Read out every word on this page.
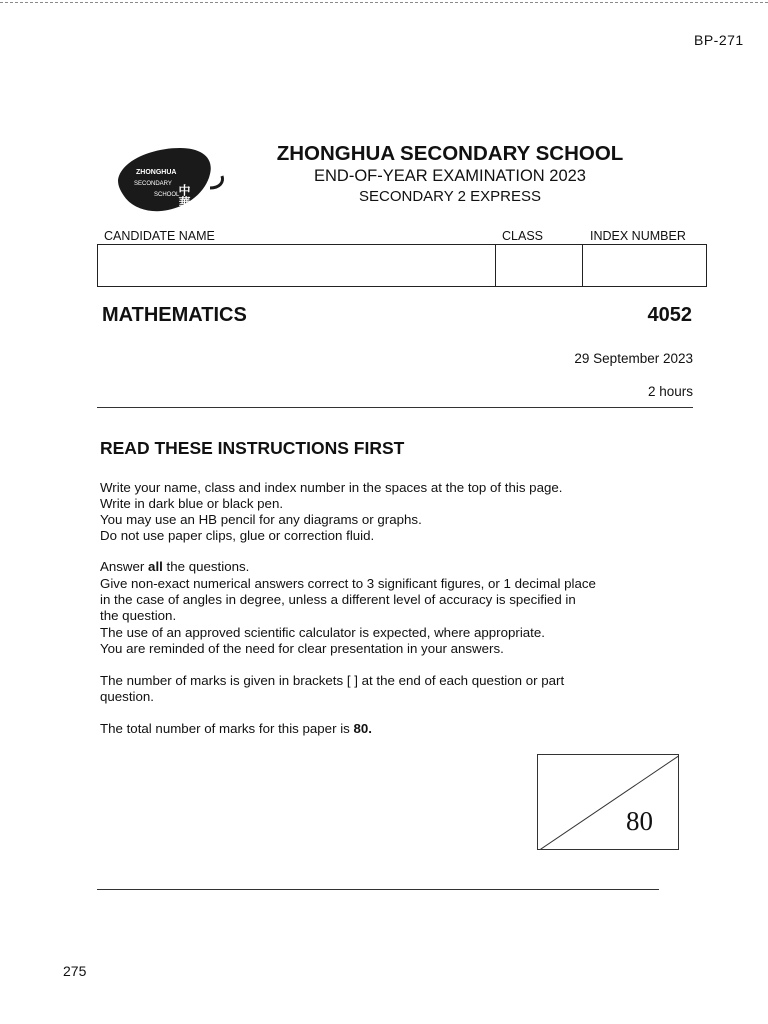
BP-271
ZHONGHUA
SECONDARY
SCHOOL
中華
ZHONGHUA SECONDARY SCHOOL
END-OF-YEAR EXAMINATION 2023
SECONDARY 2 EXPRESS
CANDIDATE NAME	CLASS	INDEX NUMBER
MATHEMATICS	4052
29 September 2023
2 hours
READ THESE INSTRUCTIONS FIRST
Write your name, class and index number in the spaces at the top of this page.
Write in dark blue or black pen.
You may use an HB pencil for any diagrams or graphs.
Do not use paper clips, glue or correction fluid.
Answer all the questions.
Give non-exact numerical answers correct to 3 significant figures, or 1 decimal place
in the case of angles in degree, unless a different level of accuracy is specified in
the question.
The use of an approved scientific calculator is expected, where appropriate.
You are reminded of the need for clear presentation in your answers.
The number of marks is given in brackets [ ] at the end of each question or part
question.
The total number of marks for this paper is 80.
80
275
